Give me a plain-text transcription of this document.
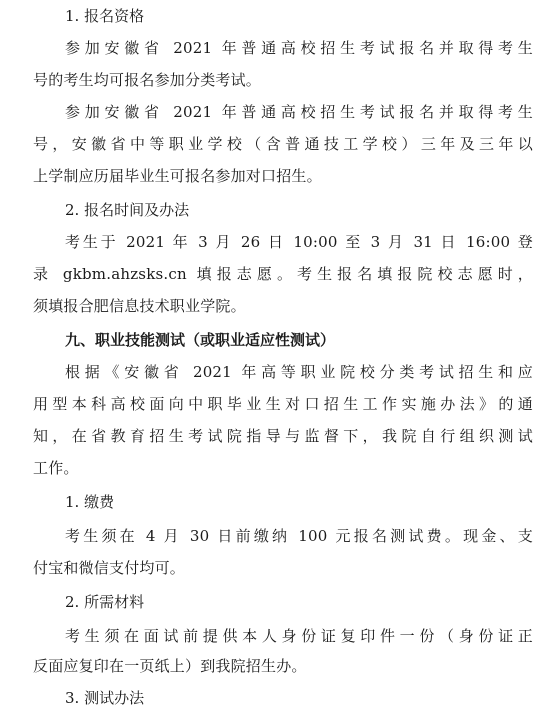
1. 报名资格
参加安徽省 2021 年普通高校招生考试报名并取得考生
号的考生均可报名参加分类考试。
参加安徽省 2021 年普通高校招生考试报名并取得考生
号，安徽省中等职业学校（含普通技工学校）三年及三年以
上学制应历届毕业生可报名参加对口招生。
2. 报名时间及办法
考生于 2021 年 3 月 26 日 10:00 至 3 月 31 日 16:00 登
录 gkbm.ahzsks.cn 填报志愿。考生报名填报院校志愿时，
须填报合肥信息技术职业学院。
九、职业技能测试（或职业适应性测试）
根据《安徽省 2021 年高等职业院校分类考试招生和应
用型本科高校面向中职毕业生对口招生工作实施办法》的通
知，在省教育招生考试院指导与监督下，我院自行组织测试
工作。
1. 缴费
考生须在 4 月 30 日前缴纳 100 元报名测试费。现金、支
付宝和微信支付均可。
2. 所需材料
考生须在面试前提供本人身份证复印件一份（身份证正
反面应复印在一页纸上）到我院招生办。
3. 测试办法
